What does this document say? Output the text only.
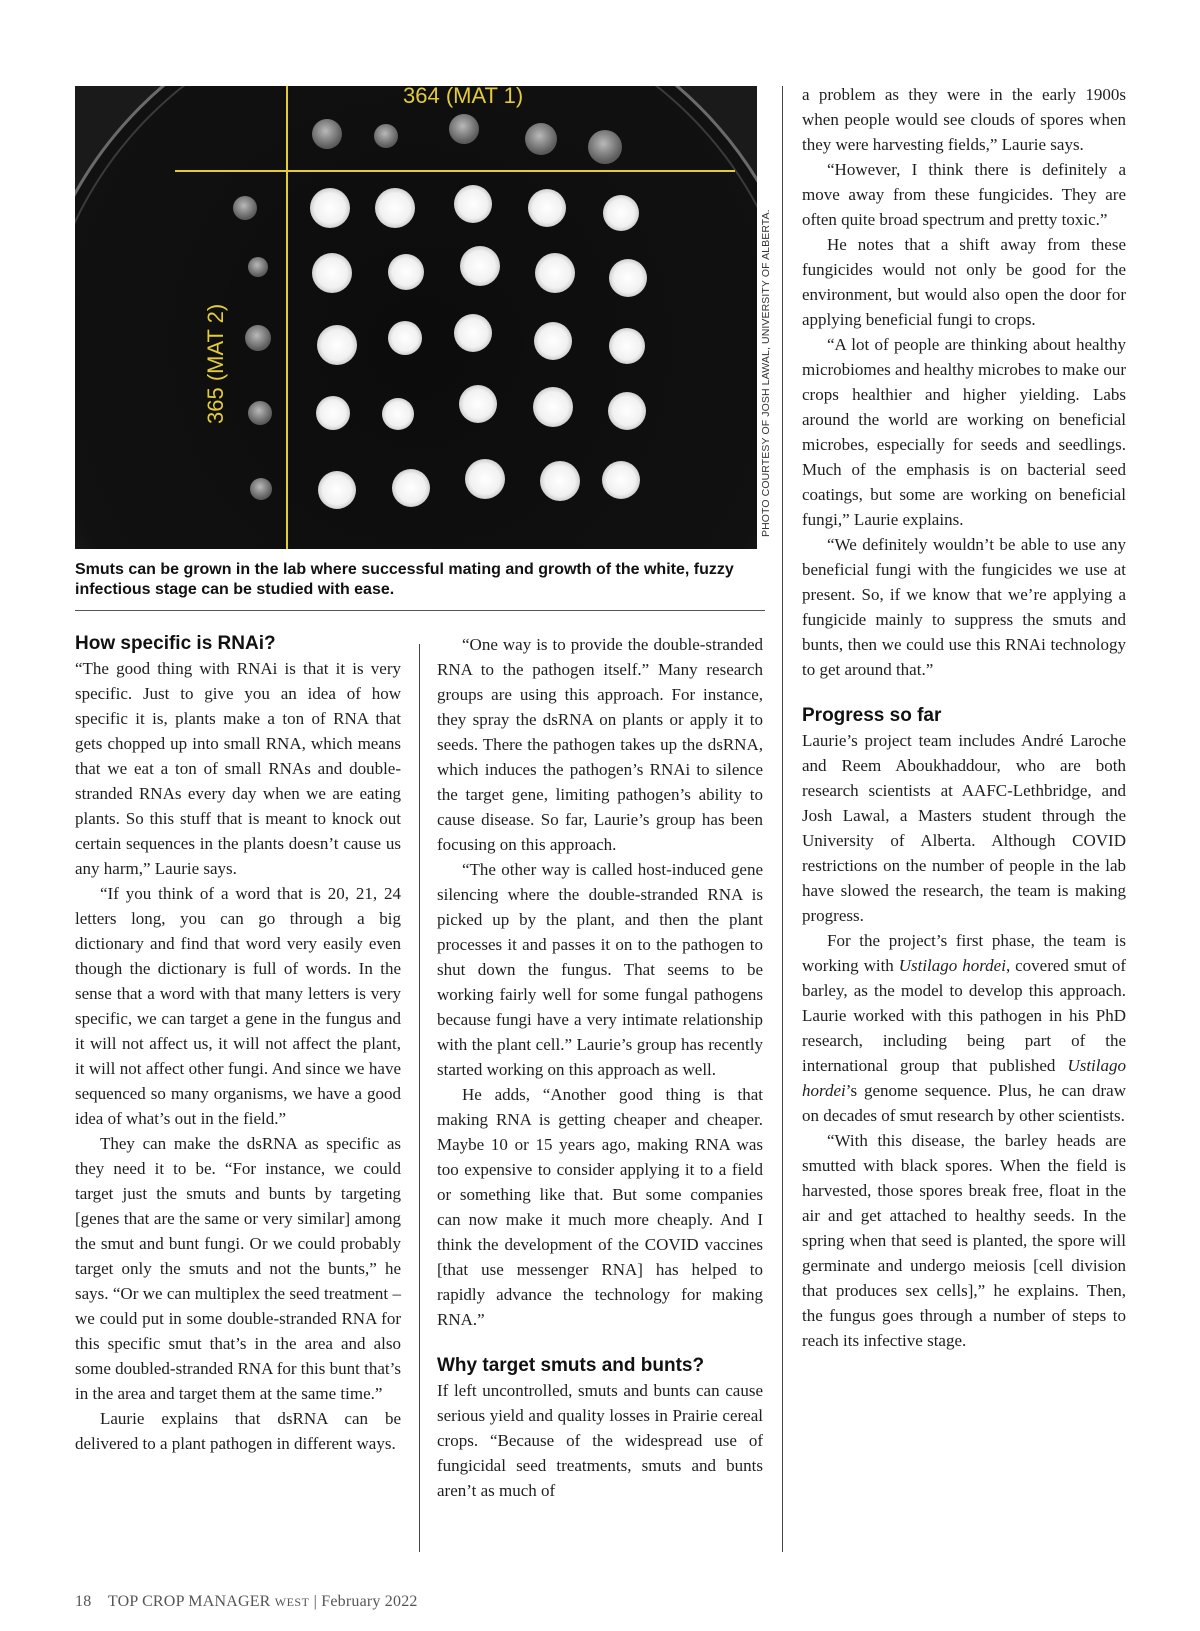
364 (MAT 1)
365 (MAT 2)	PHOTO COURTESY OF JOSH LAWAL, UNIVERSITY OF ALBERTA.
Smuts can be grown in the lab where successful mating and growth of the white, fuzzy infectious stage can be studied with ease.
How specific is RNAi?

“The good thing with RNAi is that it is very specific. Just to give you an idea of how specific it is, plants make a ton of RNA that gets chopped up into small RNA, which means that we eat a ton of small RNAs and double-stranded RNAs every day when we are eating plants. So this stuff that is meant to knock out certain sequences in the plants doesn’t cause us any harm,” Laurie says.

“If you think of a word that is 20, 21, 24 letters long, you can go through a big dictionary and find that word very easily even though the dictionary is full of words. In the sense that a word with that many letters is very specific, we can target a gene in the fungus and it will not affect us, it will not affect the plant, it will not affect other fungi. And since we have sequenced so many organisms, we have a good idea of what’s out in the field.”

They can make the dsRNA as specific as they need it to be. “For instance, we could target just the smuts and bunts by targeting [genes that are the same or very similar] among the smut and bunt fungi. Or we could probably target only the smuts and not the bunts,” he says. “Or we can multiplex the seed treatment – we could put in some double-stranded RNA for this specific smut that’s in the area and also some doubled-stranded RNA for this bunt that’s in the area and target them at the same time.”

Laurie explains that dsRNA can be delivered to a plant pathogen in different ways.

“One way is to provide the double-stranded RNA to the pathogen itself.” Many research groups are using this approach. For instance, they spray the dsRNA on plants or apply it to seeds. There the pathogen takes up the dsRNA, which induces the pathogen’s RNAi to silence the target gene, limiting pathogen’s ability to cause disease. So far, Laurie’s group has been focusing on this approach.

“The other way is called host-induced gene silencing where the double-stranded RNA is picked up by the plant, and then the plant processes it and passes it on to the pathogen to shut down the fungus. That seems to be working fairly well for some fungal pathogens because fungi have a very intimate relationship with the plant cell.” Laurie’s group has recently started working on this approach as well.

He adds, “Another good thing is that making RNA is getting cheaper and cheaper. Maybe 10 or 15 years ago, making RNA was too expensive to consider applying it to a field or something like that. But some companies can now make it much more cheaply. And I think the development of the COVID vaccines [that use messenger RNA] has helped to rapidly advance the technology for making RNA.”

Why target smuts and bunts?

If left uncontrolled, smuts and bunts can cause serious yield and quality losses in Prairie cereal crops. “Because of the widespread use of fungicidal seed treatments, smuts and bunts aren’t as much of

a problem as they were in the early 1900s when people would see clouds of spores when they were harvesting fields,” Laurie says.

“However, I think there is definitely a move away from these fungicides. They are often quite broad spectrum and pretty toxic.”

He notes that a shift away from these fungicides would not only be good for the environment, but would also open the door for applying beneficial fungi to crops.

“A lot of people are thinking about healthy microbiomes and healthy microbes to make our crops healthier and higher yielding. Labs around the world are working on beneficial microbes, especially for seeds and seedlings. Much of the emphasis is on bacterial seed coatings, but some are working on beneficial fungi,” Laurie explains.

“We definitely wouldn’t be able to use any beneficial fungi with the fungicides we use at present. So, if we know that we’re applying a fungicide mainly to suppress the smuts and bunts, then we could use this RNAi technology to get around that.”

Progress so far

Laurie’s project team includes André Laroche and Reem Aboukhaddour, who are both research scientists at AAFC-Lethbridge, and Josh Lawal, a Masters student through the University of Alberta. Although COVID restrictions on the number of people in the lab have slowed the research, the team is making progress.

For the project’s first phase, the team is working with Ustilago hordei, covered smut of barley, as the model to develop this approach. Laurie worked with this pathogen in his PhD research, including being part of the international group that published Ustilago hordei’s genome sequence. Plus, he can draw on decades of smut research by other scientists.

“With this disease, the barley heads are smutted with black spores. When the field is harvested, those spores break free, float in the air and get attached to healthy seeds. In the spring when that seed is planted, the spore will germinate and undergo meiosis [cell division that produces sex cells],” he explains. Then, the fungus goes through a number of steps to reach its infective stage.

18 TOP CROP MANAGER WEST | February 2022
